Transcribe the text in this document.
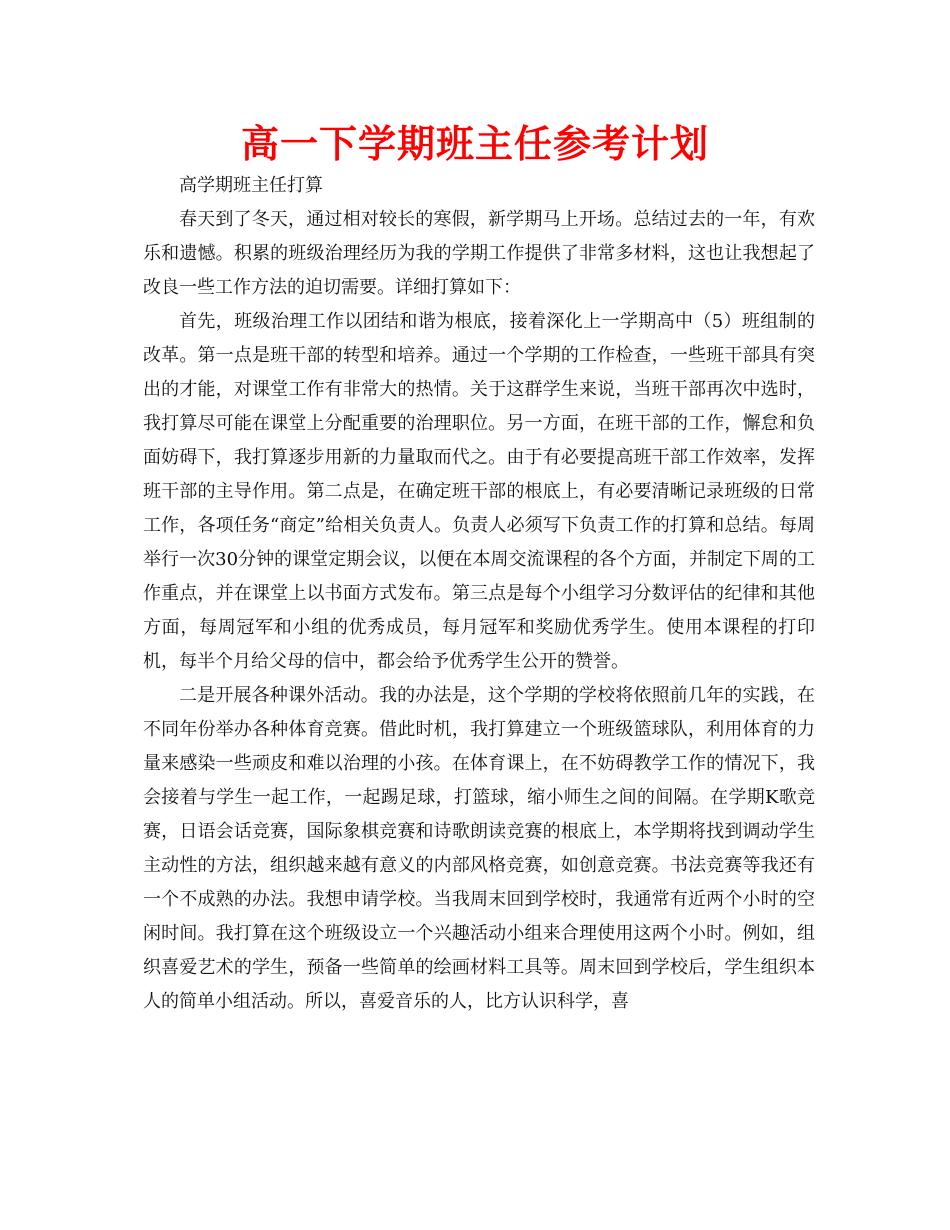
高一下学期班主任参考计划

高学期班主任打算

春天到了冬天，通过相对较长的寒假，新学期马上开场。总结过去的一年，有欢乐和遗憾。积累的班级治理经历为我的学期工作提供了非常多材料，这也让我想起了改良一些工作方法的迫切需要。详细打算如下：

首先，班级治理工作以团结和谐为根底，接着深化上一学期高中（5）班组制的改革。第一点是班干部的转型和培养。通过一个学期的工作检查，一些班干部具有突出的才能，对课堂工作有非常大的热情。关于这群学生来说，当班干部再次中选时，我打算尽可能在课堂上分配重要的治理职位。另一方面，在班干部的工作，懈怠和负面妨碍下，我打算逐步用新的力量取而代之。由于有必要提高班干部工作效率，发挥班干部的主导作用。第二点是，在确定班干部的根底上，有必要清晰记录班级的日常工作，各项任务“商定”给相关负责人。负责人必须写下负责工作的打算和总结。每周举行一次30分钟的课堂定期会议，以便在本周交流课程的各个方面，并制定下周的工作重点，并在课堂上以书面方式发布。第三点是每个小组学习分数评估的纪律和其他方面，每周冠军和小组的优秀成员，每月冠军和奖励优秀学生。使用本课程的打印机，每半个月给父母的信中，都会给予优秀学生公开的赞誉。

二是开展各种课外活动。我的办法是，这个学期的学校将依照前几年的实践，在不同年份举办各种体育竞赛。借此时机，我打算建立一个班级篮球队，利用体育的力量来感染一些顽皮和难以治理的小孩。在体育课上，在不妨碍教学工作的情况下，我会接着与学生一起工作，一起踢足球，打篮球，缩小师生之间的间隔。在学期K歌竞赛，日语会话竞赛，国际象棋竞赛和诗歌朗读竞赛的根底上，本学期将找到调动学生主动性的方法，组织越来越有意义的内部风格竞赛，如创意竞赛。书法竞赛等我还有一个不成熟的办法。我想申请学校。当我周末回到学校时，我通常有近两个小时的空闲时间。我打算在这个班级设立一个兴趣活动小组来合理使用这两个小时。例如，组织喜爱艺术的学生，预备一些简单的绘画材料工具等。周末回到学校后，学生组织本人的简单小组活动。所以，喜爱音乐的人，比方认识科学，喜
